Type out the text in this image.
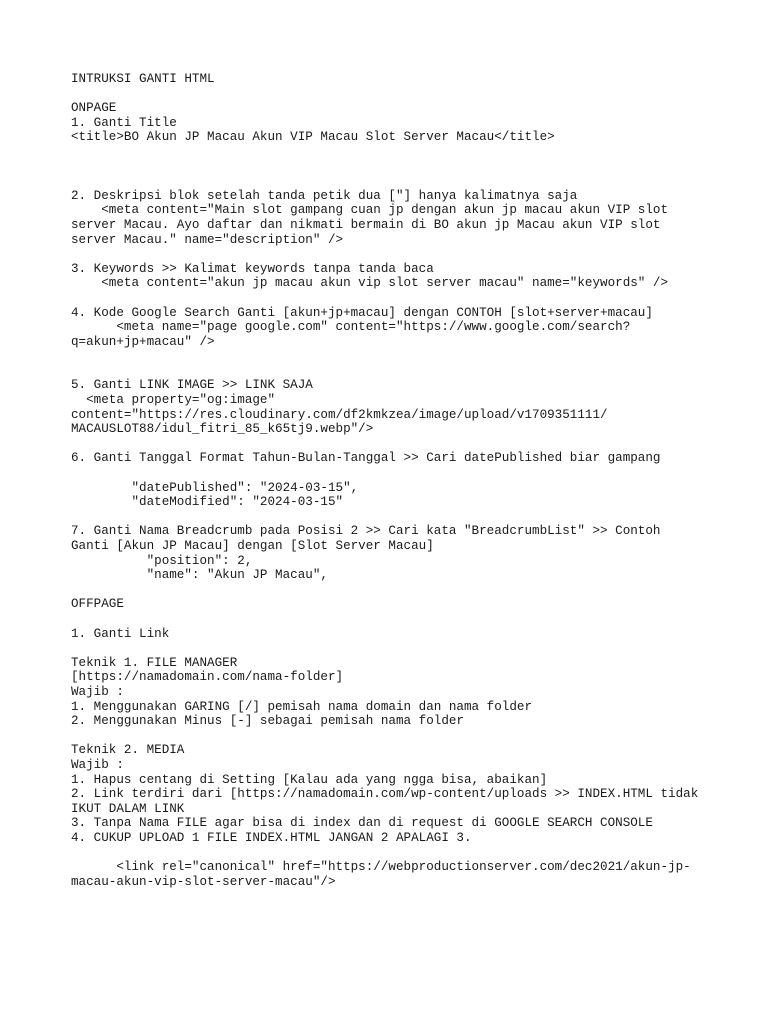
INTRUKSI GANTI HTML
ONPAGE
1. Ganti Title
<title>BO Akun JP Macau Akun VIP Macau Slot Server Macau</title>
2. Deskripsi blok setelah tanda petik dua ["] hanya kalimatnya saja
<meta content="Main slot gampang cuan jp dengan akun jp macau akun VIP slot
server Macau. Ayo daftar dan nikmati bermain di BO akun jp Macau akun VIP slot
server Macau." name="description" />
3. Keywords >> Kalimat keywords tanpa tanda baca
<meta content="akun jp macau akun vip slot server macau" name="keywords" />
4. Kode Google Search Ganti [akun+jp+macau] dengan CONTOH [slot+server+macau]
<meta name="page google.com" content="https://www.google.com/search?
q=akun+jp+macau" />
5. Ganti LINK IMAGE >> LINK SAJA
<meta property="og:image"
content="https://res.cloudinary.com/df2kmkzea/image/upload/v1709351111/
MACAUSLOT88/idul_fitri_85_k65tj9.webp"/>
6. Ganti Tanggal Format Tahun-Bulan-Tanggal >> Cari datePublished biar gampang
"datePublished": "2024-03-15",
"dateModified": "2024-03-15"
7. Ganti Nama Breadcrumb pada Posisi 2 >> Cari kata "BreadcrumbList" >> Contoh
Ganti [Akun JP Macau] dengan [Slot Server Macau]
"position": 2,
"name": "Akun JP Macau",
OFFPAGE
1. Ganti Link
Teknik 1. FILE MANAGER
[https://namadomain.com/nama-folder]
Wajib :
1. Menggunakan GARING [/] pemisah nama domain dan nama folder
2. Menggunakan Minus [-] sebagai pemisah nama folder
Teknik 2. MEDIA
Wajib :
1. Hapus centang di Setting [Kalau ada yang ngga bisa, abaikan]
2. Link terdiri dari [https://namadomain.com/wp-content/uploads >> INDEX.HTML tidak
IKUT DALAM LINK
3. Tanpa Nama FILE agar bisa di index dan di request di GOOGLE SEARCH CONSOLE
4. CUKUP UPLOAD 1 FILE INDEX.HTML JANGAN 2 APALAGI 3.
<link rel="canonical" href="https://webproductionserver.com/dec2021/akun-jp-
macau-akun-vip-slot-server-macau"/>
